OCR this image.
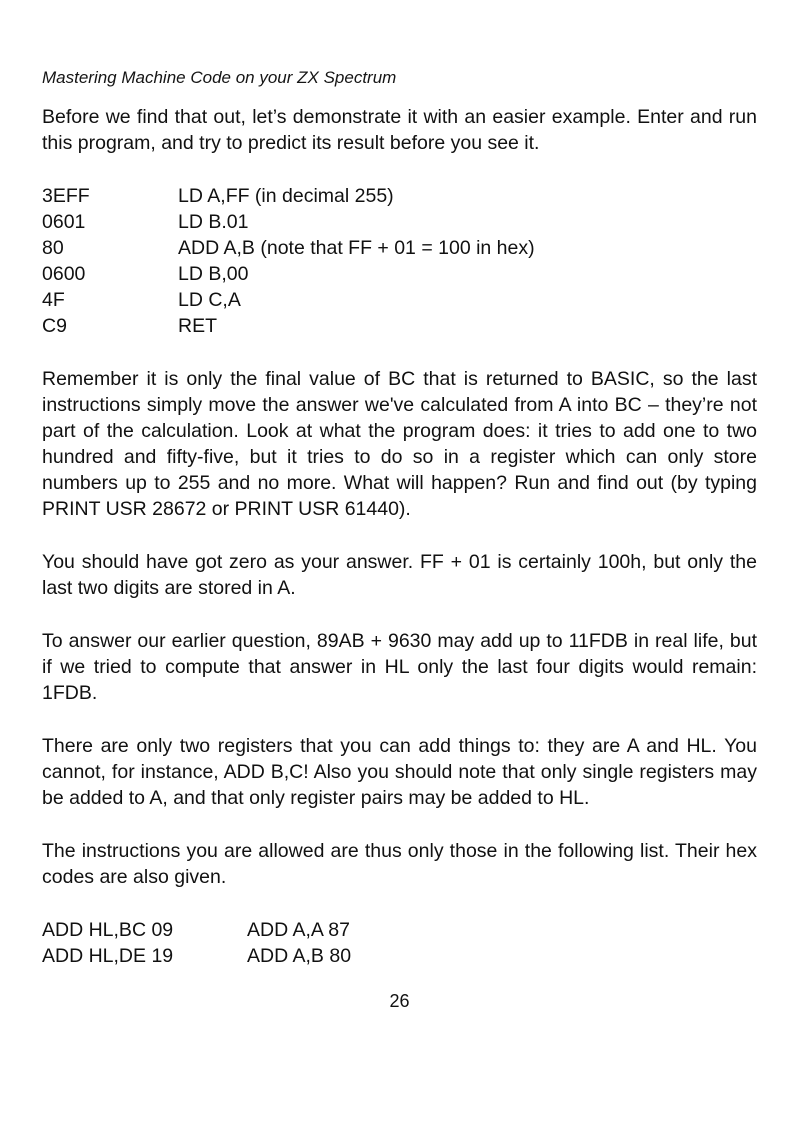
Mastering Machine Code on your ZX Spectrum

Before we find that out, let’s demonstrate it with an easier example. Enter and run this program, and try to predict its result before you see it.

3EFF	LD A,FF (in decimal 255)
0601	LD B.01
80	ADD A,B (note that FF + 01 = 100 in hex)
0600	LD B,00
4F	LD C,A
C9	RET

Remember it is only the final value of BC that is returned to BASIC, so the last instructions simply move the answer we've calculated from A into BC – they’re not part of the calculation. Look at what the program does: it tries to add one to two hundred and fifty-five, but it tries to do so in a register which can only store numbers up to 255 and no more. What will happen? Run and find out (by typing PRINT USR 28672 or PRINT USR 61440).

You should have got zero as your answer. FF + 01 is certainly 100h, but only the last two digits are stored in A.

To answer our earlier question, 89AB + 9630 may add up to 11FDB in real life, but if we tried to compute that answer in HL only the last four digits would remain: 1FDB.

There are only two registers that you can add things to: they are A and HL. You cannot, for instance, ADD B,C! Also you should note that only single registers may be added to A, and that only register pairs may be added to HL.

The instructions you are allowed are thus only those in the following list. Their hex codes are also given.

ADD HL,BC 09	ADD A,A 87
ADD HL,DE 19	ADD A,B 80
26
